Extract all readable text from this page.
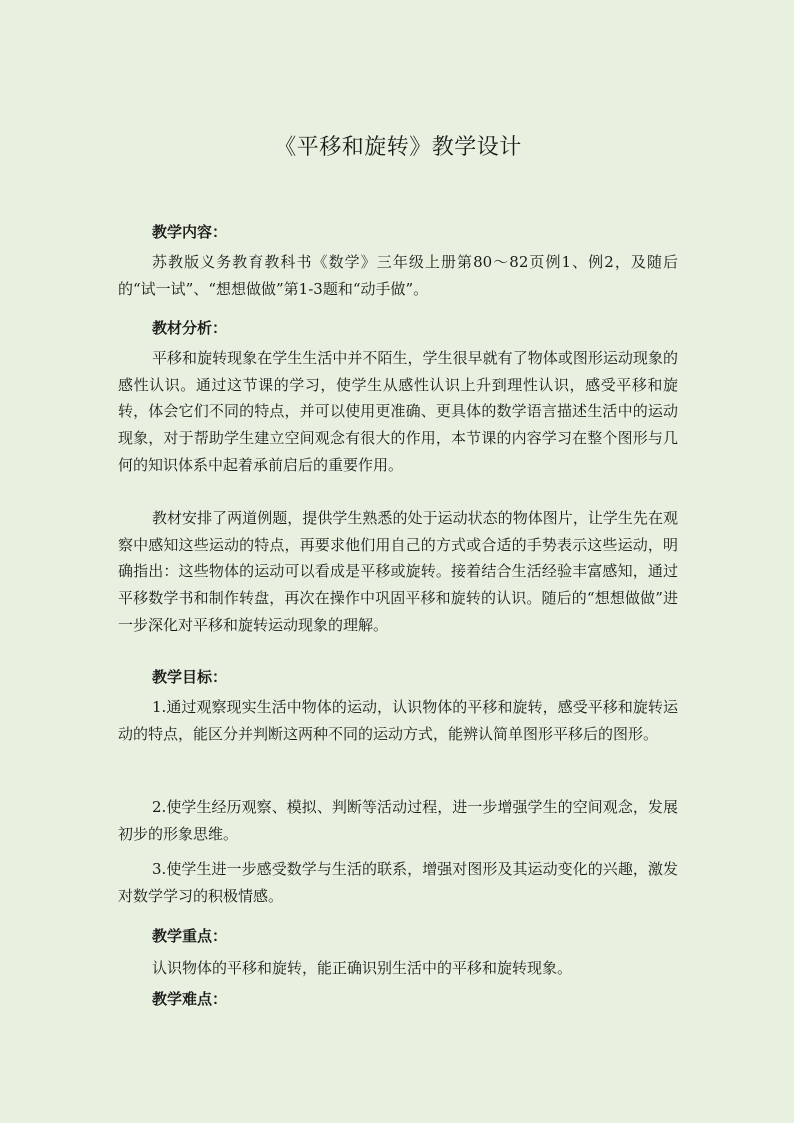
《平移和旋转》教学设计
教学内容：

苏教版义务教育教科书《数学》三年级上册第80～82页例1、例2，及随后的“试一试”、“想想做做”第1-3题和“动手做”。

教材分析：

平移和旋转现象在学生生活中并不陌生，学生很早就有了物体或图形运动现象的感性认识。通过这节课的学习，使学生从感性认识上升到理性认识，感受平移和旋转，体会它们不同的特点，并可以使用更准确、更具体的数学语言描述生活中的运动现象，对于帮助学生建立空间观念有很大的作用，本节课的内容学习在整个图形与几何的知识体系中起着承前启后的重要作用。

教材安排了两道例题，提供学生熟悉的处于运动状态的物体图片，让学生先在观察中感知这些运动的特点，再要求他们用自己的方式或合适的手势表示这些运动，明确指出：这些物体的运动可以看成是平移或旋转。接着结合生活经验丰富感知，通过平移数学书和制作转盘，再次在操作中巩固平移和旋转的认识。随后的“想想做做”进一步深化对平移和旋转运动现象的理解。

教学目标：

1.通过观察现实生活中物体的运动，认识物体的平移和旋转，感受平移和旋转运动的特点，能区分并判断这两种不同的运动方式，能辨认简单图形平移后的图形。

2.使学生经历观察、模拟、判断等活动过程，进一步增强学生的空间观念，发展初步的形象思维。

3.使学生进一步感受数学与生活的联系，增强对图形及其运动变化的兴趣，激发对数学学习的积极情感。

教学重点：

认识物体的平移和旋转，能正确识别生活中的平移和旋转现象。

教学难点：
